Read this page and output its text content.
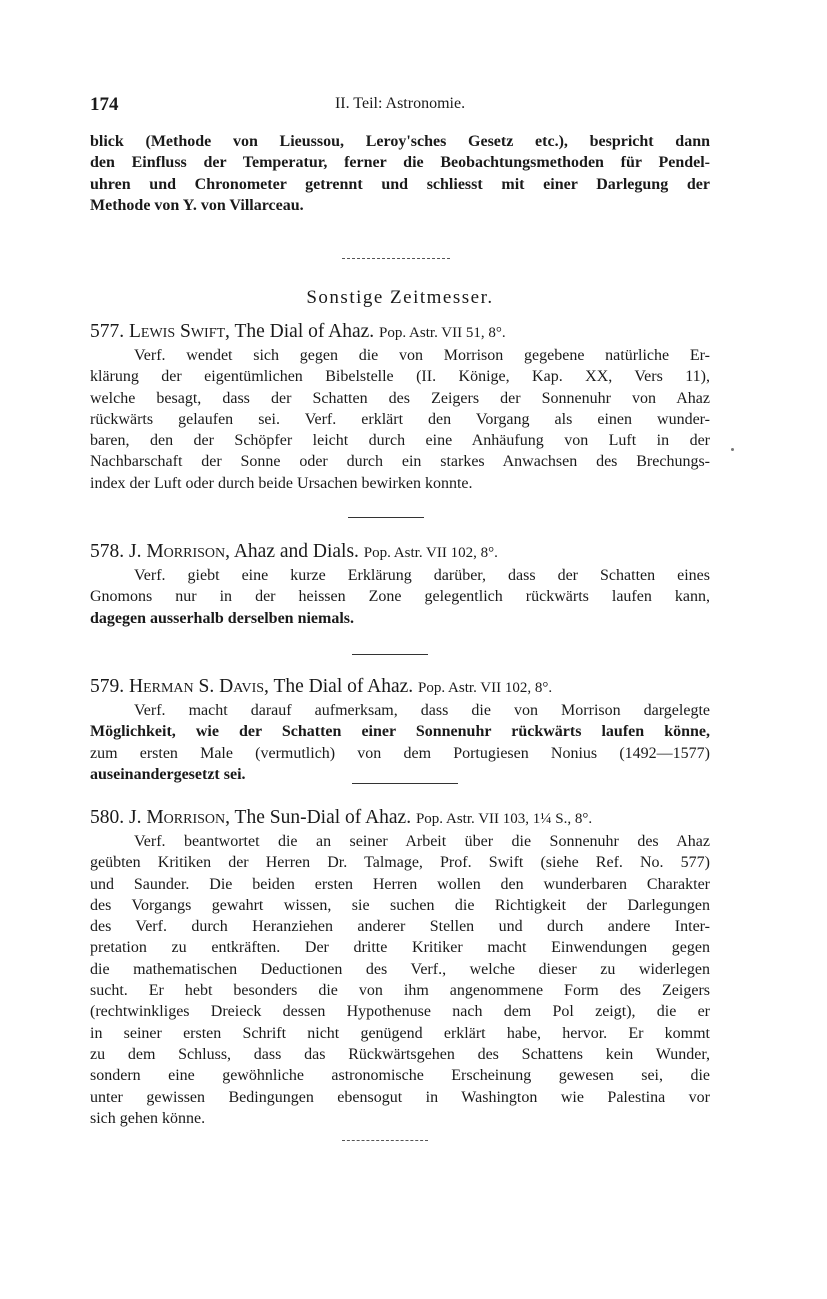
174	II. Teil: Astronomie.
blick (Methode von Lieussou, Leroy'sches Gesetz etc.), bespricht dann
den Einfluss der Temperatur, ferner die Beobachtungsmethoden für Pendel-
uhren und Chronometer getrennt und schliesst mit einer Darlegung der
Methode von Y. von Villarceau.
Sonstige Zeitmesser.
577. Lewis Swift, The Dial of Ahaz. Pop. Astr. VII 51, 8°.
Verf. wendet sich gegen die von Morrison gegebene natürliche Er-
klärung der eigentümlichen Bibelstelle (II. Könige, Kap. XX, Vers 11),
welche besagt, dass der Schatten des Zeigers der Sonnenuhr von Ahaz
rückwärts gelaufen sei. Verf. erklärt den Vorgang als einen wunder-
baren, den der Schöpfer leicht durch eine Anhäufung von Luft in der
Nachbarschaft der Sonne oder durch ein starkes Anwachsen des Brechungs-
index der Luft oder durch beide Ursachen bewirken konnte.
578. J. Morrison, Ahaz and Dials. Pop. Astr. VII 102, 8°.
Verf. giebt eine kurze Erklärung darüber, dass der Schatten eines
Gnomons nur in der heissen Zone gelegentlich rückwärts laufen kann,
dagegen ausserhalb derselben niemals.
579. Herman S. Davis, The Dial of Ahaz. Pop. Astr. VII 102, 8°.
Verf. macht darauf aufmerksam, dass die von Morrison dargelegte
Möglichkeit, wie der Schatten einer Sonnenuhr rückwärts laufen könne,
zum ersten Male (vermutlich) von dem Portugiesen Nonius (1492—1577)
auseinandergesetzt sei.
580. J. Morrison, The Sun-Dial of Ahaz. Pop. Astr. VII 103, 1¼ S., 8°.
Verf. beantwortet die an seiner Arbeit über die Sonnenuhr des Ahaz
geübten Kritiken der Herren Dr. Talmage, Prof. Swift (siehe Ref. No. 577)
und Saunder. Die beiden ersten Herren wollen den wunderbaren Charakter
des Vorgangs gewahrt wissen, sie suchen die Richtigkeit der Darlegungen
des Verf. durch Heranziehen anderer Stellen und durch andere Inter-
pretation zu entkräften. Der dritte Kritiker macht Einwendungen gegen
die mathematischen Deductionen des Verf., welche dieser zu widerlegen
sucht. Er hebt besonders die von ihm angenommene Form des Zeigers
(rechtwinkliges Dreieck dessen Hypothenuse nach dem Pol zeigt), die er
in seiner ersten Schrift nicht genügend erklärt habe, hervor. Er kommt
zu dem Schluss, dass das Rückwärtsgehen des Schattens kein Wunder,
sondern eine gewöhnliche astronomische Erscheinung gewesen sei, die
unter gewissen Bedingungen ebensogut in Washington wie Palestina vor
sich gehen könne.
